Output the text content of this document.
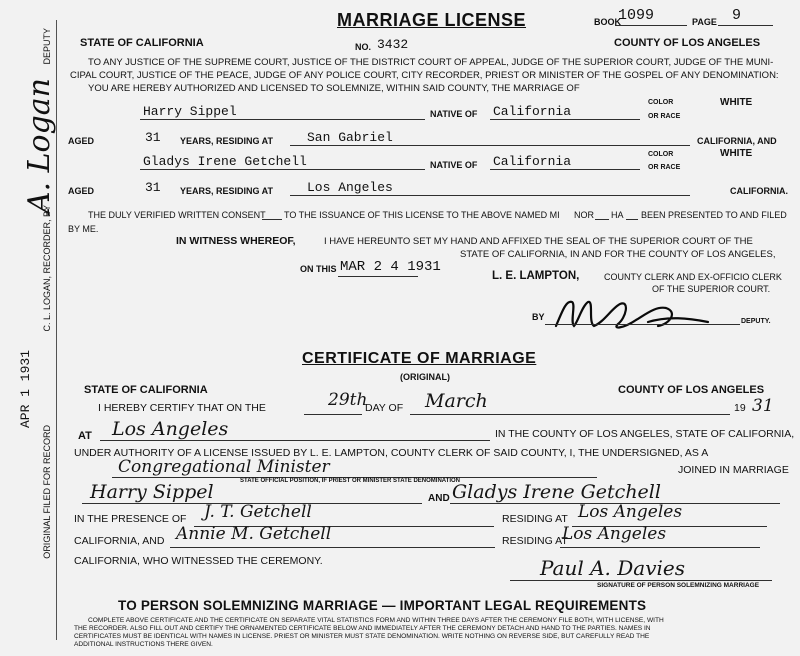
DEPUTY
A. Logan
C. L. LOGAN, RECORDER, BY
APR 1 1931
ORIGINAL FILED FOR RECORD
MARRIAGE LICENSE	BOOK
1099	PAGE 9
STATE OF CALIFORNIA	NO. 3432	COUNTY OF LOS ANGELES
TO ANY JUSTICE OF THE SUPREME COURT, JUSTICE OF THE DISTRICT COURT OF APPEAL, JUDGE OF THE SUPERIOR COURT, JUDGE OF THE MUNI-
CIPAL COURT, JUSTICE OF THE PEACE, JUDGE OF ANY POLICE COURT, CITY RECORDER, PRIEST OR MINISTER OF THE GOSPEL OF ANY DENOMINATION:
YOU ARE HEREBY AUTHORIZED AND LICENSED TO SOLEMNIZE, WITHIN SAID COUNTY, THE MARRIAGE OF
Harry Sippel	NATIVE OF California
COLOR
OR RACE
WHITE
AGED	31 YEARS, RESIDING AT	San Gabriel	CALIFORNIA, AND
Gladys Irene Getchell	NATIVE OF California	COLOR
OR RACE
WHITE
AGED	31 YEARS, RESIDING AT	Los Angeles	CALIFORNIA.
THE DULY VERIFIED WRITTEN CONSENT TO THE ISSUANCE OF THIS LICENSE TO THE ABOVE NAMED MI NOR HA BEEN PRESENTED TO AND FILED
BY ME.
IN WITNESS WHEREOF,	I HAVE HEREUNTO SET MY HAND AND AFFIXED THE SEAL OF THE SUPERIOR COURT OF THE
STATE OF CALIFORNIA, IN AND FOR THE COUNTY OF LOS ANGELES,
ON THIS MAR 2 4 1931
L. E. LAMPTON,	COUNTY CLERK AND EX-OFFICIO CLERK
OF THE SUPERIOR COURT.
BY	DEPUTY.
CERTIFICATE OF MARRIAGE
(ORIGINAL)
STATE OF CALIFORNIA	COUNTY OF LOS ANGELES
I HEREBY CERTIFY THAT ON THE	29th
DAY OF March	19 31
AT Los Angeles	IN THE COUNTY OF LOS ANGELES, STATE OF CALIFORNIA,
UNDER AUTHORITY OF A LICENSE ISSUED BY L. E. LAMPTON, COUNTY CLERK OF SAID COUNTY, I, THE UNDERSIGNED, AS A
Congregational Minister
STATE OFFICIAL POSITION, IF PRIEST OR MINISTER STATE DENOMINATION
JOINED IN MARRIAGE
Harry Sippel	AND Gladys Irene Getchell
IN THE PRESENCE OF J. T. Getchell	RESIDING AT Los Angeles
CALIFORNIA, AND Annie M. Getchell	RESIDING AT
Los Angeles
CALIFORNIA, WHO WITNESSED THE CEREMONY.	Paul A. Davies
SIGNATURE OF PERSON SOLEMNIZING MARRIAGE
TO PERSON SOLEMNIZING MARRIAGE — IMPORTANT LEGAL REQUIREMENTS
COMPLETE ABOVE CERTIFICATE AND THE CERTIFICATE ON SEPARATE VITAL STATISTICS FORM AND WITHIN THREE DAYS AFTER THE CEREMONY FILE BOTH, WITH LICENSE, WITH
THE RECORDER. ALSO FILL OUT AND CERTIFY THE ORNAMENTED CERTIFICATE BELOW AND IMMEDIATELY AFTER THE CEREMONY DETACH AND HAND TO THE PARTIES. NAMES IN
CERTIFICATES MUST BE IDENTICAL WITH NAMES IN LICENSE. PRIEST OR MINISTER MUST STATE DENOMINATION. WRITE NOTHING ON REVERSE SIDE, BUT CAREFULLY READ THE
ADDITIONAL INSTRUCTIONS THERE GIVEN.
